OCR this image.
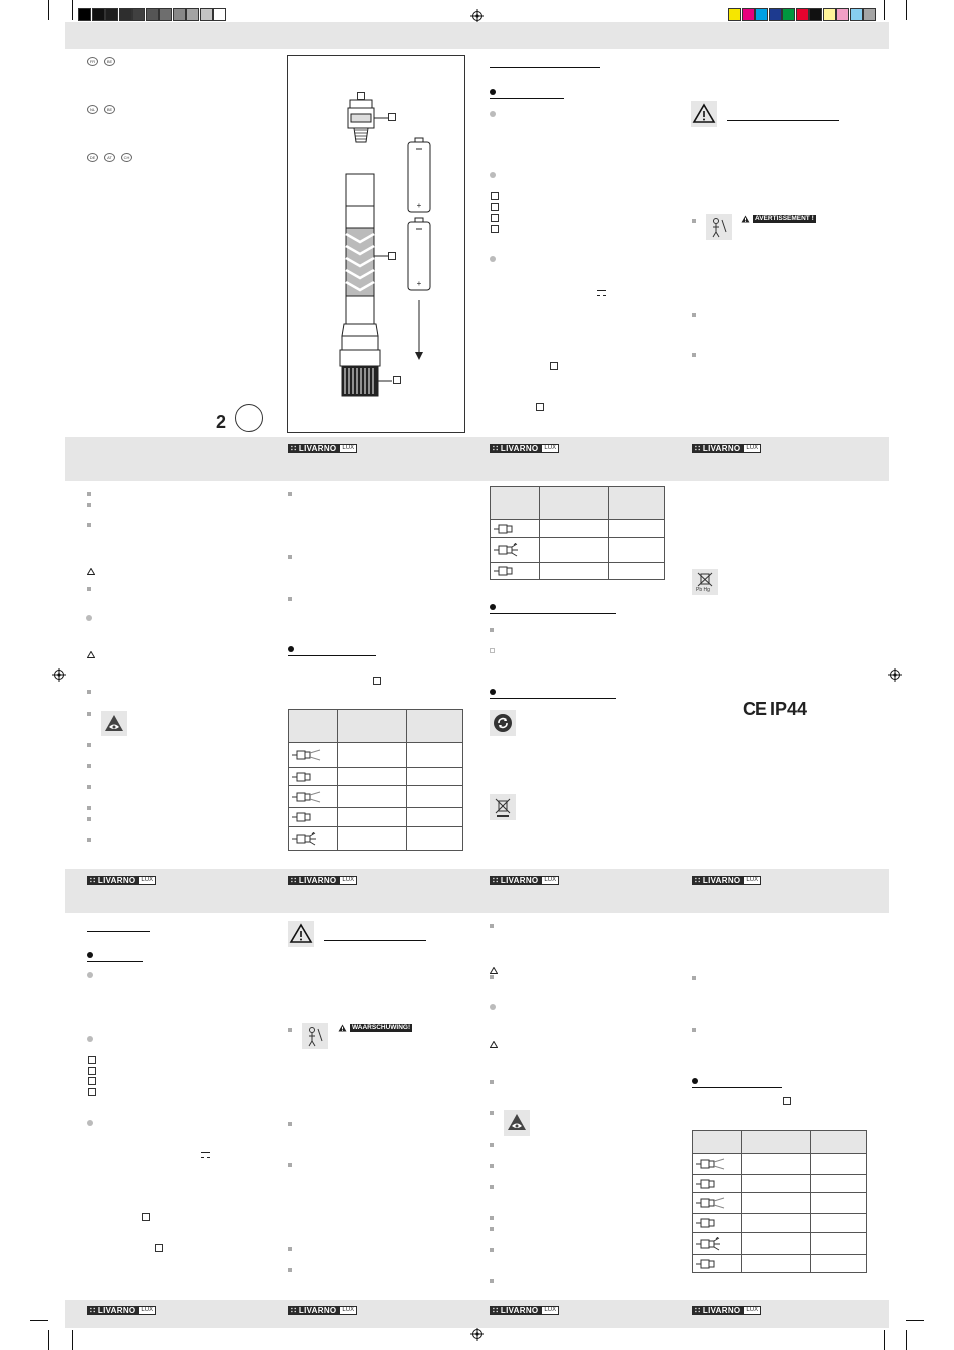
∷ LIVARNO	LUX	∷ LIVARNO	LUX	∷ LIVARNO	LUX
∷ LIVARNO	LUX	∷ LIVARNO	LUX	∷ LIVARNO	LUX	∷ LIVARNO	LUX
∷ LIVARNO	LUX	∷ LIVARNO	LUX	∷ LIVARNO	LUX	∷ LIVARNO	LUX
FR	BE
NL	BE
DE	AT	CH
2
+
+
AVERTISSEMENT !

Pb Hg
CE IP44
WAARSCHUWING!
